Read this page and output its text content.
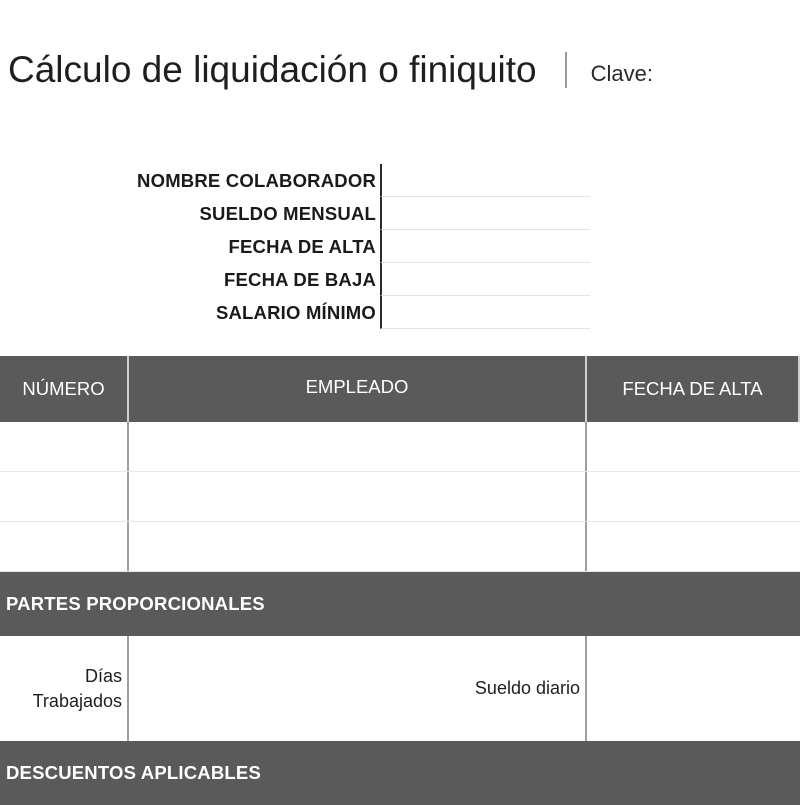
Cálculo de liquidación o finiquito Clave:
NOMBRE COLABORADOR
SUELDO MENSUAL
FECHA DE ALTA
FECHA DE BAJA
SALARIO MÍNIMO
NÚMERO	EMPLEADO	FECHA DE ALTA
PARTES PROPORCIONALES
Días Trabajados
Sueldo diario
DESCUENTOS APLICABLES
